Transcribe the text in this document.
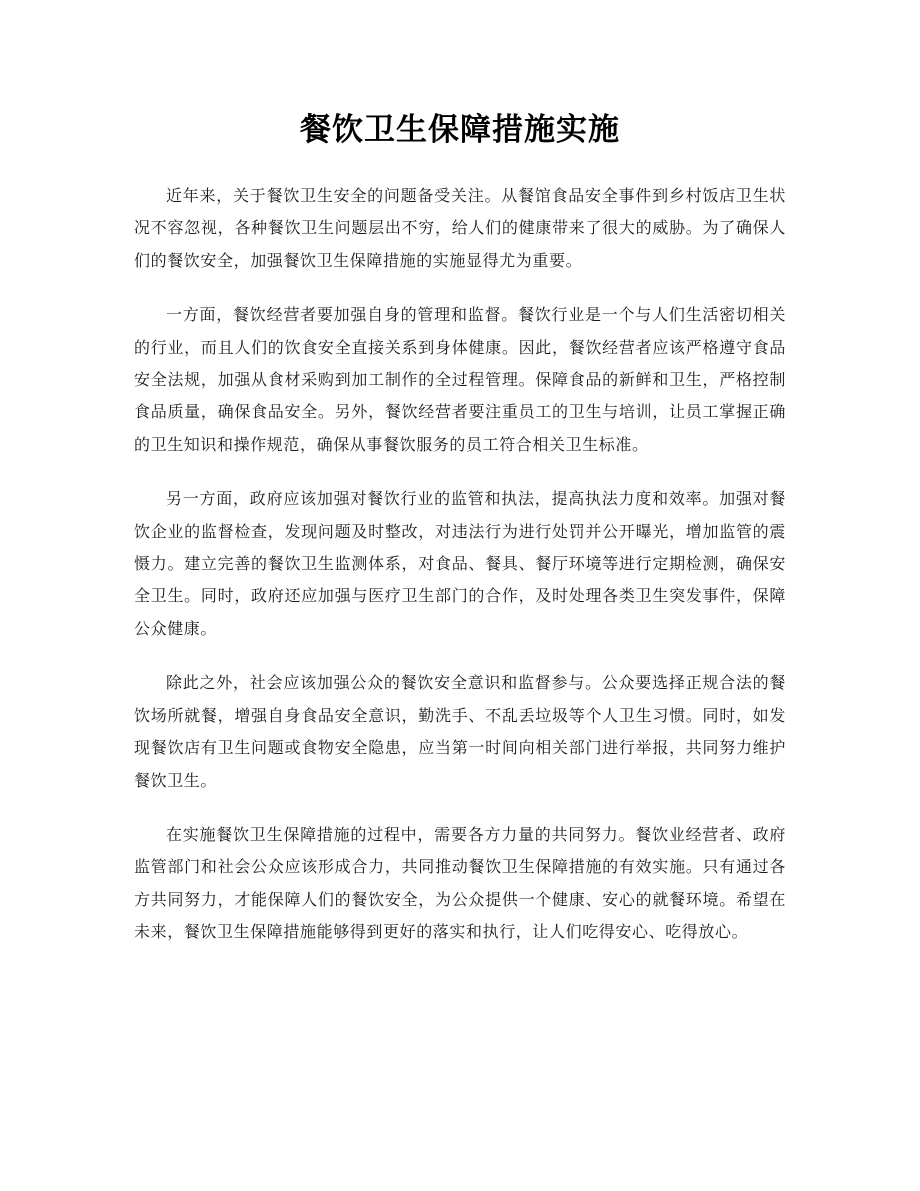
餐饮卫生保障措施实施

近年来，关于餐饮卫生安全的问题备受关注。从餐馆食品安全事件到乡村饭店卫生状况不容忽视，各种餐饮卫生问题层出不穷，给人们的健康带来了很大的威胁。为了确保人们的餐饮安全，加强餐饮卫生保障措施的实施显得尤为重要。

一方面，餐饮经营者要加强自身的管理和监督。餐饮行业是一个与人们生活密切相关的行业，而且人们的饮食安全直接关系到身体健康。因此，餐饮经营者应该严格遵守食品安全法规，加强从食材采购到加工制作的全过程管理。保障食品的新鲜和卫生，严格控制食品质量，确保食品安全。另外，餐饮经营者要注重员工的卫生与培训，让员工掌握正确的卫生知识和操作规范，确保从事餐饮服务的员工符合相关卫生标准。

另一方面，政府应该加强对餐饮行业的监管和执法，提高执法力度和效率。加强对餐饮企业的监督检查，发现问题及时整改，对违法行为进行处罚并公开曝光，增加监管的震慑力。建立完善的餐饮卫生监测体系，对食品、餐具、餐厅环境等进行定期检测，确保安全卫生。同时，政府还应加强与医疗卫生部门的合作，及时处理各类卫生突发事件，保障公众健康。

除此之外，社会应该加强公众的餐饮安全意识和监督参与。公众要选择正规合法的餐饮场所就餐，增强自身食品安全意识，勤洗手、不乱丢垃圾等个人卫生习惯。同时，如发现餐饮店有卫生问题或食物安全隐患，应当第一时间向相关部门进行举报，共同努力维护餐饮卫生。

在实施餐饮卫生保障措施的过程中，需要各方力量的共同努力。餐饮业经营者、政府监管部门和社会公众应该形成合力，共同推动餐饮卫生保障措施的有效实施。只有通过各方共同努力，才能保障人们的餐饮安全，为公众提供一个健康、安心的就餐环境。希望在未来，餐饮卫生保障措施能够得到更好的落实和执行，让人们吃得安心、吃得放心。
